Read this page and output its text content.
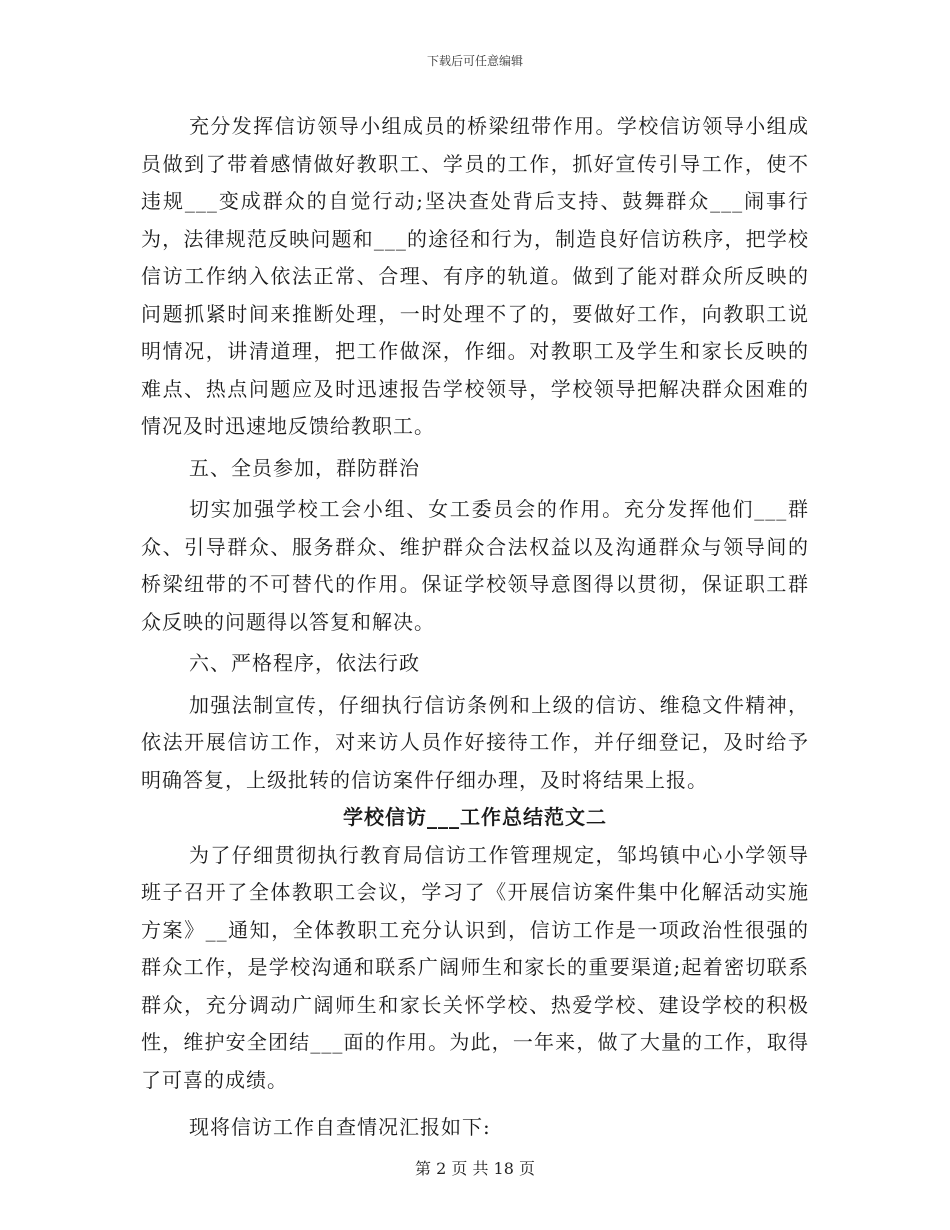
下载后可任意编辑

充分发挥信访领导小组成员的桥梁纽带作用。学校信访领导小组成员做到了带着感情做好教职工、学员的工作，抓好宣传引导工作，使不违规___变成群众的自觉行动;坚决查处背后支持、鼓舞群众___闹事行为，法律规范反映问题和___的途径和行为，制造良好信访秩序，把学校信访工作纳入依法正常、合理、有序的轨道。做到了能对群众所反映的问题抓紧时间来推断处理，一时处理不了的，要做好工作，向教职工说明情况，讲清道理，把工作做深，作细。对教职工及学生和家长反映的难点、热点问题应及时迅速报告学校领导，学校领导把解决群众困难的情况及时迅速地反馈给教职工。

五、全员参加，群防群治

切实加强学校工会小组、女工委员会的作用。充分发挥他们___群众、引导群众、服务群众、维护群众合法权益以及沟通群众与领导间的桥梁纽带的不可替代的作用。保证学校领导意图得以贯彻，保证职工群众反映的问题得以答复和解决。

六、严格程序，依法行政

加强法制宣传，仔细执行信访条例和上级的信访、维稳文件精神，依法开展信访工作，对来访人员作好接待工作，并仔细登记，及时给予明确答复，上级批转的信访案件仔细办理，及时将结果上报。

学校信访___工作总结范文二

为了仔细贯彻执行教育局信访工作管理规定，邹坞镇中心小学领导班子召开了全体教职工会议，学习了《开展信访案件集中化解活动实施方案》__通知，全体教职工充分认识到，信访工作是一项政治性很强的群众工作，是学校沟通和联系广阔师生和家长的重要渠道;起着密切联系群众，充分调动广阔师生和家长关怀学校、热爱学校、建设学校的积极性，维护安全团结___面的作用。为此，一年来，做了大量的工作，取得了可喜的成绩。

现将信访工作自查情况汇报如下:

第 2 页 共 18 页
